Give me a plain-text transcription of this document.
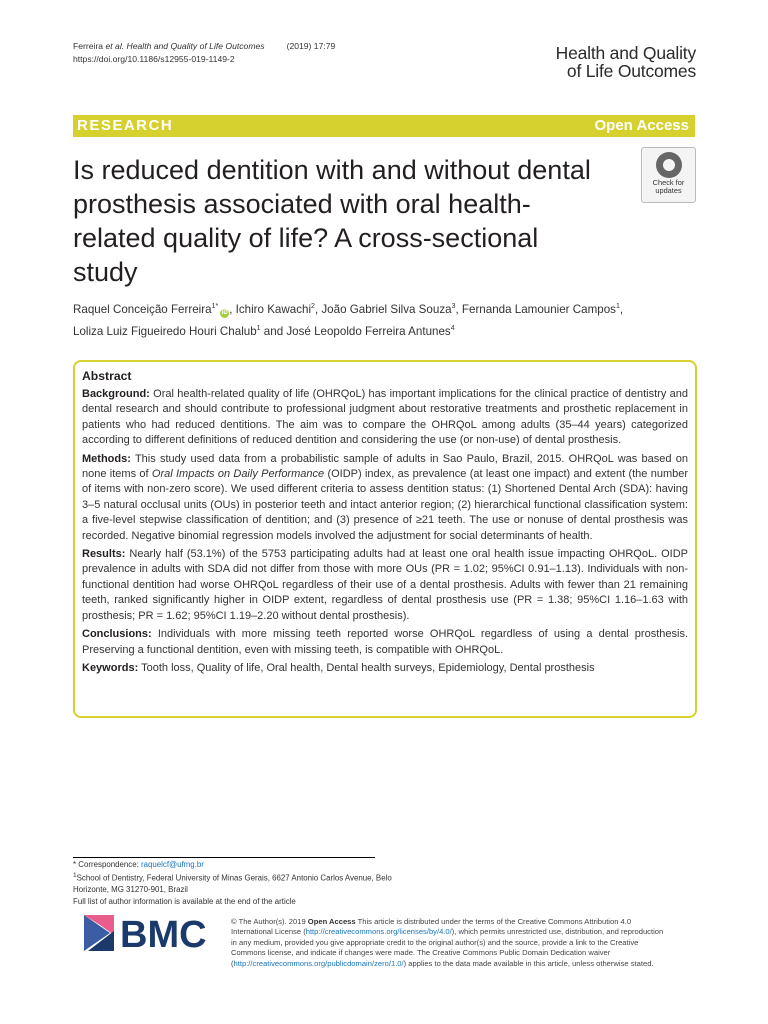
Ferreira et al. Health and Quality of Life Outcomes	(2019) 17:79
https://doi.org/10.1186/s12955-019-1149-2	Health and Quality
of Life Outcomes
RESEARCH	Open Access
Is reduced dentition with and without dental prosthesis associated with oral health-related quality of life? A cross-sectional study
Check for
updates
Raquel Conceição Ferreira$^{1*}$iD , Ichiro Kawachi$^2$, João Gabriel Silva Souza$^3$, Fernanda Lamounier Campos$^1$,
Loliza Luiz Figueiredo Houri Chalub$^1$ and José Leopoldo Ferreira Antunes$^4$
Abstract

Background: Oral health-related quality of life (OHRQoL) has important implications for the clinical practice of dentistry and dental research and should contribute to professional judgment about restorative treatments and prosthetic replacement in patients who had reduced dentitions. The aim was to compare the OHRQoL among adults (35–44 years) categorized according to different definitions of reduced dentition and considering the use (or non-use) of dental prosthesis.

Methods: This study used data from a probabilistic sample of adults in Sao Paulo, Brazil, 2015. OHRQoL was based on none items of Oral Impacts on Daily Performance (OIDP) index, as prevalence (at least one impact) and extent (the number of items with non-zero score). We used different criteria to assess dentition status: (1) Shortened Dental Arch (SDA): having 3–5 natural occlusal units (OUs) in posterior teeth and intact anterior region; (2) hierarchical functional classification system: a five-level stepwise classification of dentition; and (3) presence of ≥21 teeth. The use or nonuse of dental prosthesis was recorded. Negative binomial regression models involved the adjustment for social determinants of health.

Results: Nearly half (53.1%) of the 5753 participating adults had at least one oral health issue impacting OHRQoL. OIDP prevalence in adults with SDA did not differ from those with more OUs (PR = 1.02; 95%CI 0.91–1.13). Individuals with non-functional dentition had worse OHRQoL regardless of their use of a dental prosthesis. Adults with fewer than 21 remaining teeth, ranked significantly higher in OIDP extent, regardless of dental prosthesis use (PR = 1.38; 95%CI 1.16–1.63 with prosthesis; PR = 1.62; 95%CI 1.19–2.20 without dental prosthesis).

Conclusions: Individuals with more missing teeth reported worse OHRQoL regardless of using a dental prosthesis. Preserving a functional dentition, even with missing teeth, is compatible with OHRQoL.

Keywords: Tooth loss, Quality of life, Oral health, Dental health surveys, Epidemiology, Dental prosthesis

* Correspondence: raquelcf@ufmg.br
$^1$School of Dentistry, Federal University of Minas Gerais, 6627 Antonio Carlos Avenue, Belo Horizonte, MG 31270-901, Brazil
Full list of author information is available at the end of the article
BMC	© The Author(s). 2019 Open Access This article is distributed under the terms of the Creative Commons Attribution 4.0 International License (http://creativecommons.org/licenses/by/4.0/), which permits unrestricted use, distribution, and reproduction in any medium, provided you give appropriate credit to the original author(s) and the source, provide a link to the Creative Commons license, and indicate if changes were made. The Creative Commons Public Domain Dedication waiver (http://creativecommons.org/publicdomain/zero/1.0/) applies to the data made available in this article, unless otherwise stated.
